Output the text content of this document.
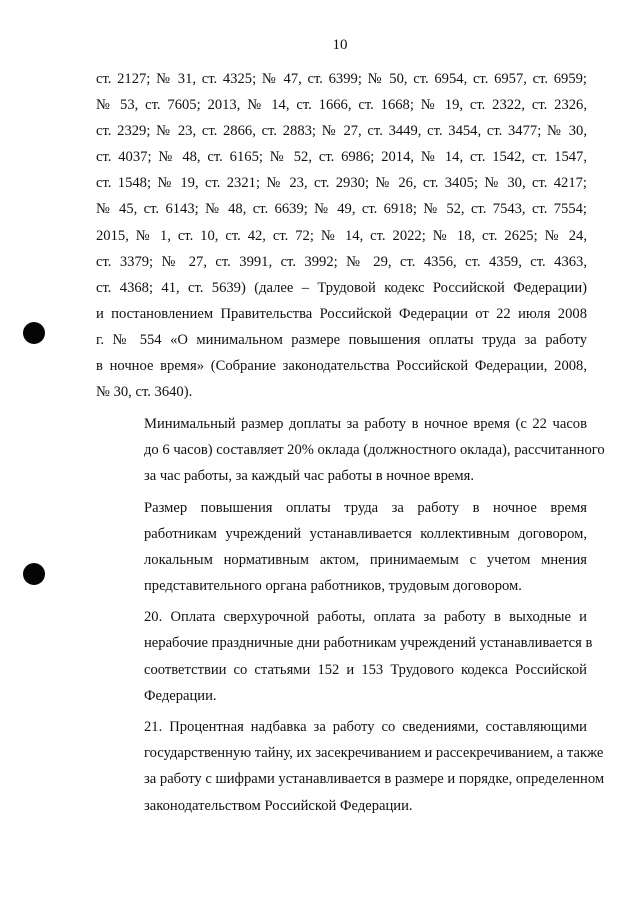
10

ст. 2127; № 31, ст. 4325; № 47, ст. 6399; № 50, ст. 6954, ст. 6957, ст. 6959;
№ 53, ст. 7605; 2013, № 14, ст. 1666, ст. 1668; № 19, ст. 2322, ст. 2326,
ст. 2329; № 23, ст. 2866, ст. 2883; № 27, ст. 3449, ст. 3454, ст. 3477; № 30,
ст. 4037; № 48, ст. 6165; № 52, ст. 6986; 2014, № 14, ст. 1542, ст. 1547,
ст. 1548; № 19, ст. 2321; № 23, ст. 2930; № 26, ст. 3405; № 30, ст. 4217;
№ 45, ст. 6143; № 48, ст. 6639; № 49, ст. 6918; № 52, ст. 7543, ст. 7554;
2015, № 1, ст. 10, ст. 42, ст. 72; № 14, ст. 2022; № 18, ст. 2625; № 24,
ст. 3379; № 27, ст. 3991, ст. 3992; № 29, ст. 4356, ст. 4359, ст. 4363,
ст. 4368; 41, ст. 5639) (далее – Трудовой кодекс Российской Федерации)
и постановлением Правительства Российской Федерации от 22 июля 2008
г. № 554 «О минимальном размере повышения оплаты труда за работу
в ночное время» (Собрание законодательства Российской Федерации, 2008,
№ 30, ст. 3640).

Минимальный размер доплаты за работу в ночное время (с 22 часов
до 6 часов) составляет 20% оклада (должностного оклада), рассчитанного
за час работы, за каждый час работы в ночное время.

Размер повышения оплаты труда за работу в ночное время
работникам учреждений устанавливается коллективным договором,
локальным нормативным актом, принимаемым с учетом мнения
представительного органа работников, трудовым договором.

20. Оплата сверхурочной работы, оплата за работу в выходные и
нерабочие праздничные дни работникам учреждений устанавливается в
соответствии со статьями 152 и 153 Трудового кодекса Российской
Федерации.

21. Процентная надбавка за работу со сведениями, составляющими
государственную тайну, их засекречиванием и рассекречиванием, а также
за работу с шифрами устанавливается в размере и порядке, определенном
законодательством Российской Федерации.
